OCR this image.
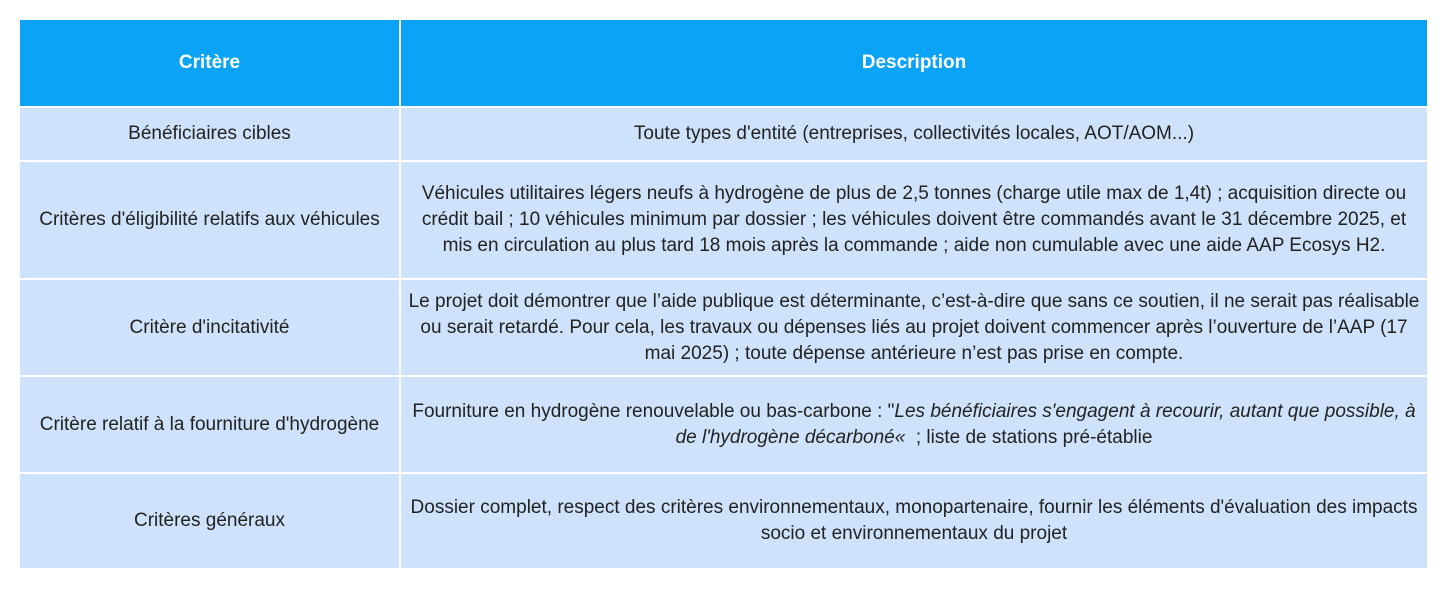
Critère	Description
Bénéficiaires cibles	Toute types d'entité (entreprises, collectivités locales, AOT/AOM...)
Critères d'éligibilité relatifs aux véhicules	Véhicules utilitaires légers neufs à hydrogène de plus de 2,5 tonnes (charge utile max de 1,4t) ; acquisition directe ou crédit bail ; 10 véhicules minimum par dossier ; les véhicules doivent être commandés avant le 31 décembre 2025, et mis en circulation au plus tard 18 mois après la commande ; aide non cumulable avec une aide AAP Ecosys H2.
Critère d'incitativité	Le projet doit démontrer que l’aide publique est déterminante, c’est-à-dire que sans ce soutien, il ne serait pas réalisable ou serait retardé. Pour cela, les travaux ou dépenses liés au projet doivent commencer après l’ouverture de l’AAP (17 mai 2025) ; toute dépense antérieure n’est pas prise en compte.
Critère relatif à la fourniture d'hydrogène	Fourniture en hydrogène renouvelable ou bas-carbone : "Les bénéficiaires s'engagent à recourir, autant que possible, à de l'hydrogène décarboné«  ; liste de stations pré-établie
Critères généraux	Dossier complet, respect des critères environnementaux, monopartenaire, fournir les éléments d'évaluation des impacts socio et environnementaux du projet
